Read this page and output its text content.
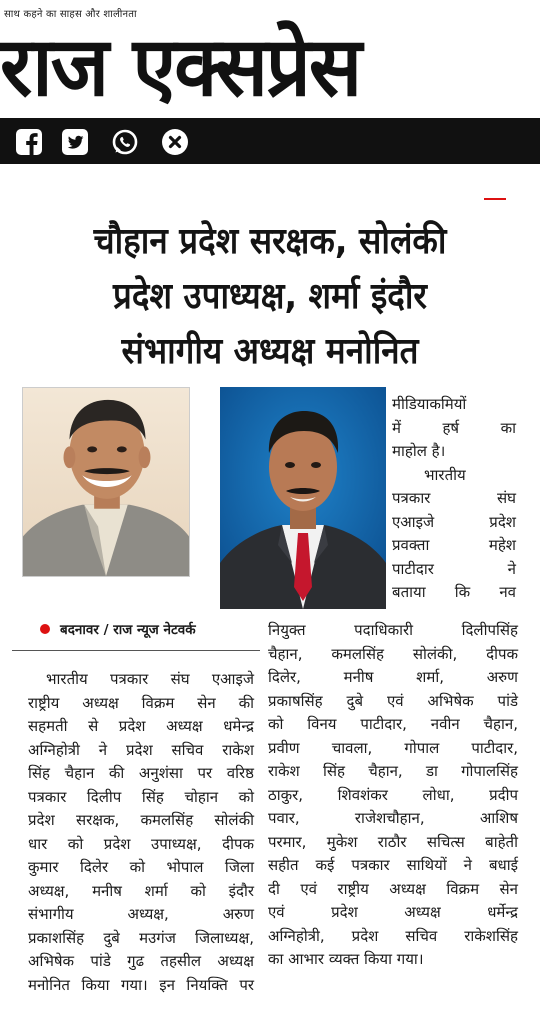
साथ कहने का साहस और शालीनता
राज एक्सप्रेस
चौहान प्रदेश सरक्षक, सोलंकी
प्रदेश उपाध्यक्ष, शर्मा इंदौर
संभागीय अध्यक्ष मनोनित
बदनावर / राज न्यूज नेटवर्क

मीडियाकमियों

में हर्ष का

माहोल है।

भारतीय

पत्रकार संघ

एआइजे प्रदेश

प्रवक्ता महेश

पाटीदार ने

बताया कि नव

नियुक्त पदाधिकारी दिलीपसिंह

चैहान, कमलसिंह सोलंकी, दीपक

दिलेर, मनीष शर्मा, अरुण

प्रकाषसिंह दुबे एवं अभिषेक पांडे

को विनय पाटीदार, नवीन चैहान,

प्रवीण चावला, गोपाल पाटीदार,

राकेश सिंह चैहान, डा गोपालसिंह

ठाकुर, शिवशंकर लोधा, प्रदीप

पवार, राजेशचौहान, आशिष

परमार, मुकेश राठौर सचित्स बाहेती

सहीत कई पत्रकार साथियों ने बधाई

दी एवं राष्ट्रीय अध्यक्ष विक्रम सेन

एवं प्रदेश अध्यक्ष धर्मेन्द्र

अग्निहोत्री, प्रदेश सचिव राकेशसिंह

का आभार व्यक्त किया गया।

भारतीय पत्रकार संघ एआइजे

राष्ट्रीय अध्यक्ष विक्रम सेन की

सहमती से प्रदेश अध्यक्ष धमेन्द्र

अग्निहोत्री ने प्रदेश सचिव राकेश

सिंह चैहान की अनुशंसा पर वरिष्ठ

पत्रकार दिलीप सिंह चोहान को

प्रदेश सरक्षक, कमलसिंह सोलंकी

धार को प्रदेश उपाध्यक्ष, दीपक

कुमार दिलेर को भोपाल जिला

अध्यक्ष, मनीष शर्मा को इंदौर

संभागीय अध्यक्ष, अरुण

प्रकाशसिंह दुबे मउगंज जिलाध्यक्ष,

अभिषेक पांडे गुढ तहसील अध्यक्ष

मनोनित किया गया। इन नियक्ति पर
